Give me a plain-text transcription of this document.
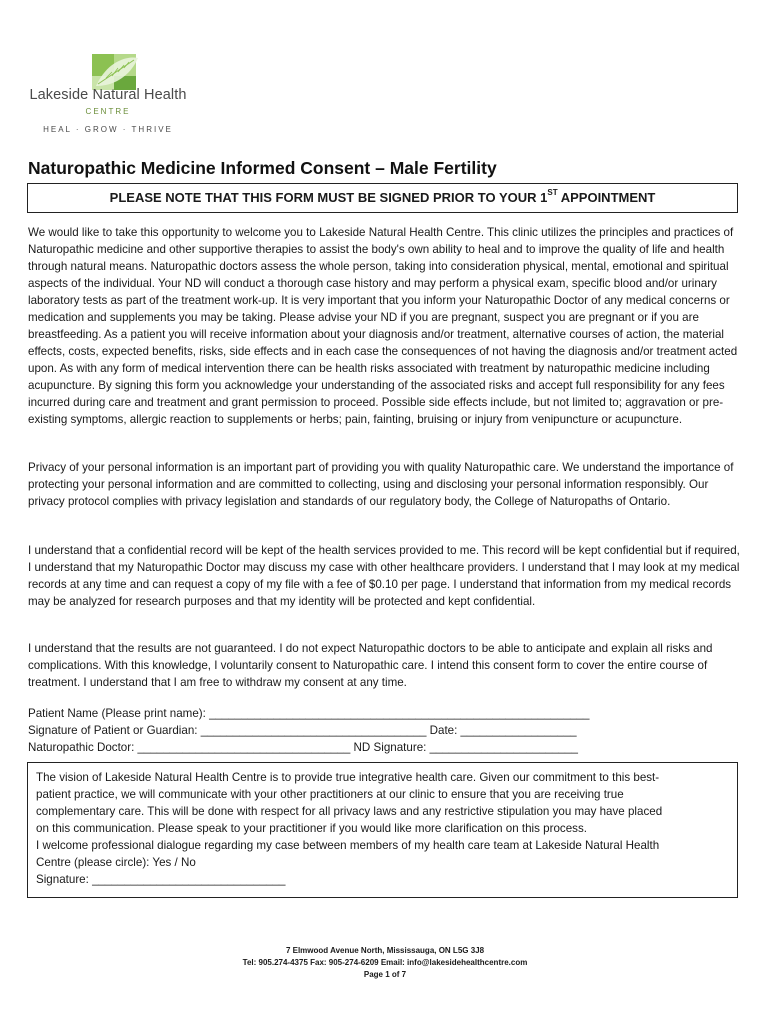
Lakeside Natural Health
CENTRE
HEAL · GROW · THRIVE
Naturopathic Medicine Informed Consent – Male Fertility
PLEASE NOTE THAT THIS FORM MUST BE SIGNED PRIOR TO YOUR 1ST APPOINTMENT
We would like to take this opportunity to welcome you to Lakeside Natural Health Centre. This clinic utilizes the principles and practices of Naturopathic medicine and other supportive therapies to assist the body's own ability to heal and to improve the quality of life and health through natural means. Naturopathic doctors assess the whole person, taking into consideration physical, mental, emotional and spiritual aspects of the individual. Your ND will conduct a thorough case history and may perform a physical exam, specific blood and/or urinary laboratory tests as part of the treatment work-up. It is very important that you inform your Naturopathic Doctor of any medical concerns or medication and supplements you may be taking. Please advise your ND if you are pregnant, suspect you are pregnant or if you are breastfeeding. As a patient you will receive information about your diagnosis and/or treatment, alternative courses of action, the material effects, costs, expected benefits, risks, side effects and in each case the consequences of not having the diagnosis and/or treatment acted upon. As with any form of medical intervention there can be health risks associated with treatment by naturopathic medicine including acupuncture. By signing this form you acknowledge your understanding of the associated risks and accept full responsibility for any fees incurred during care and treatment and grant permission to proceed. Possible side effects include, but not limited to; aggravation or pre-existing symptoms, allergic reaction to supplements or herbs; pain, fainting, bruising or injury from venipuncture or acupuncture.
Privacy of your personal information is an important part of providing you with quality Naturopathic care. We understand the importance of protecting your personal information and are committed to collecting, using and disclosing your personal information responsibly. Our privacy protocol complies with privacy legislation and standards of our regulatory body, the College of Naturopaths of Ontario.
I understand that a confidential record will be kept of the health services provided to me. This record will be kept confidential but if required, I understand that my Naturopathic Doctor may discuss my case with other healthcare providers. I understand that I may look at my medical records at any time and can request a copy of my file with a fee of $0.10 per page. I understand that information from my medical records may be analyzed for research purposes and that my identity will be protected and kept confidential.
I understand that the results are not guaranteed. I do not expect Naturopathic doctors to be able to anticipate and explain all risks and complications. With this knowledge, I voluntarily consent to Naturopathic care. I intend this consent form to cover the entire course of treatment. I understand that I am free to withdraw my consent at any time.
Patient Name (Please print name): ___________________________________________________________
Signature of Patient or Guardian: ___________________________________ Date: __________________
Naturopathic Doctor: _________________________________ ND Signature: _______________________
The vision of Lakeside Natural Health Centre is to provide true integrative health care. Given our commitment to this best-
patient practice, we will communicate with your other practitioners at our clinic to ensure that you are receiving true
complementary care. This will be done with respect for all privacy laws and any restrictive stipulation you may have placed
on this communication. Please speak to your practitioner if you would like more clarification on this process.
I welcome professional dialogue regarding my case between members of my health care team at Lakeside Natural Health
Centre (please circle): Yes / No
Signature: ______________________________
7 Elmwood Avenue North, Mississauga, ON L5G 3J8
Tel: 905.274-4375 Fax: 905-274-6209 Email: info@lakesidehealthcentre.com
Page 1 of 7
